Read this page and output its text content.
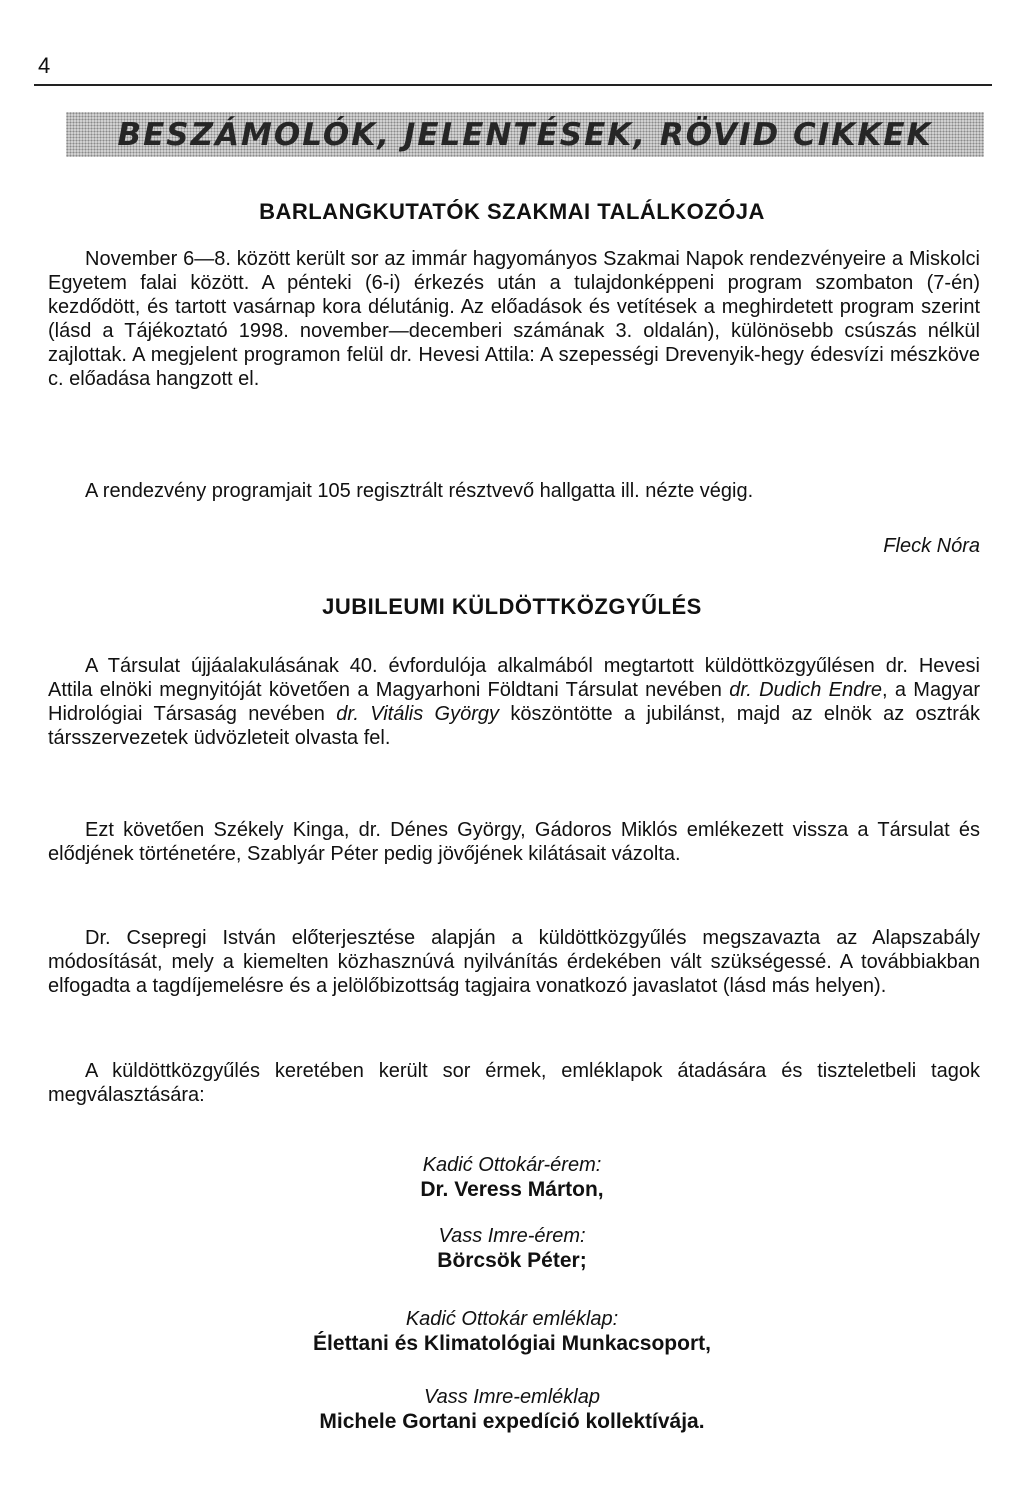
4
BESZÁMOLÓK, JELENTÉSEK, RÖVID CIKKEK
BARLANGKUTATÓK SZAKMAI TALÁLKOZÓJA

November 6—8. között került sor az immár hagyományos Szakmai Napok rendezvényeire a Miskolci Egyetem falai között. A pénteki (6-i) érkezés után a tulajdonképpeni program szombaton (7-én) kezdődött, és tartott vasárnap kora délutánig. Az előadások és vetítések a meghirdetett program szerint (lásd a Tájékoztató 1998. november—decemberi számának 3. oldalán), különösebb csúszás nélkül zajlottak. A megjelent programon felül dr. Hevesi Attila: A szepességi Drevenyik-hegy édesvízi mészköve c. előadása hangzott el.

A rendezvény programjait 105 regisztrált résztvevő hallgatta ill. nézte végig.

Fleck Nóra
JUBILEUMI KÜLDÖTTKÖZGYŰLÉS

A Társulat újjáalakulásának 40. évfordulója alkalmából megtartott küldöttközgyűlésen dr. Hevesi Attila elnöki megnyitóját követően a Magyarhoni Földtani Társulat nevében dr. Dudich Endre, a Magyar Hidrológiai Társaság nevében dr. Vitális György köszöntötte a jubilánst, majd az elnök az osztrák társszervezetek üdvözleteit olvasta fel.

Ezt követően Székely Kinga, dr. Dénes György, Gádoros Miklós emlékezett vissza a Társulat és elődjének történetére, Szablyár Péter pedig jövőjének kilátásait vázolta.

Dr. Csepregi István előterjesztése alapján a küldöttközgyűlés megszavazta az Alapszabály módosítását, mely a kiemelten közhasznúvá nyilvánítás érdekében vált szükségessé. A továbbiakban elfogadta a tagdíjemelésre és a jelölőbizottság tagjaira vonatkozó javaslatot (lásd más helyen).

A küldöttközgyűlés keretében került sor érmek, emléklapok átadására és tiszteletbeli tagok megválasztására:

Kadić Ottokár-érem:
Dr. Veress Márton,
Vass Imre-érem:
Börcsök Péter;
Kadić Ottokár emléklap:
Élettani és Klimatológiai Munkacsoport,
Vass Imre-emléklap
Michele Gortani expedíció kollektívája.
